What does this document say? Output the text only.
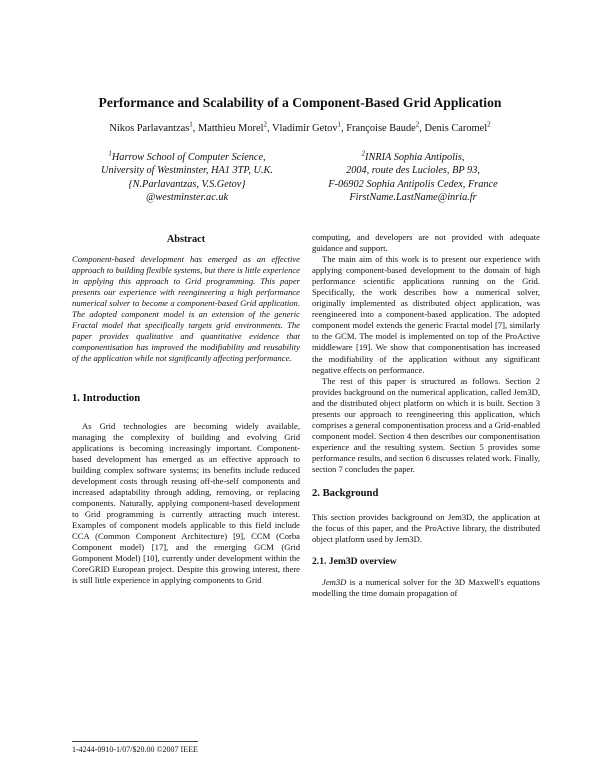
Performance and Scalability of a Component-Based Grid Application
Nikos Parlavantzas$^1$, Matthieu Morel$^2$, Vladimir Getov$^1$, Françoise Baude$^2$, Denis Caromel$^2$
$^1$Harrow School of Computer Science,
University of Westminster, HA1 3TP, U.K.
{N.Parlavantzas, V.S.Getov}
@westminster.ac.uk
$^2$INRIA Sophia Antipolis,
2004, route des Lucioles, BP 93,
F-06902 Sophia Antipolis Cedex, France
FirstName.LastName@inria.fr
Abstract

Component-based development has emerged as an effective approach to building flexible systems, but there is little experience in applying this approach to Grid programming. This paper presents our experience with reengineering a high performance numerical solver to become a component-based Grid application. The adopted component model is an extension of the generic Fractal model that specifically targets grid environments. The paper provides qualitative and quantitative evidence that componentisation has improved the modifiability and reusability of the application while not significantly affecting performance.

1. Introduction

As Grid technologies are becoming widely available, managing the complexity of building and evolving Grid applications is becoming increasingly important. Component-based development has emerged as an effective approach to building complex software systems; its benefits include reduced development costs through reusing off-the-self components and increased adaptability through adding, removing, or replacing components. Naturally, applying component-based development to Grid programming is currently attracting much interest. Examples of component models applicable to this field include CCA (Common Component Architecture) [9], CCM (Corba Component model) [17], and the emerging GCM (Grid Gomponent Model) [10], currently under development within the CoreGRID European project. Despite this growing interest, there is still little experience in applying components to Grid

computing, and developers are not provided with adequate guidance and support.

The main aim of this work is to present our experience with applying component-based development to the domain of high performance scientific applications running on the Grid. Specifically, the work describes how a numerical solver, originally implemented as distributed object application, was reengineered into a component-based application. The adopted component model extends the generic Fractal model [7], similarly to the GCM. The model is implemented on top of the ProActive middleware [19]. We show that componentisation has increased the modifiability of the application without any significant negative effects on performance.

The rest of this paper is structured as follows. Section 2 provides background on the numerical application, called Jem3D, and the distributed object platform on which it is built. Section 3 presents our approach to reengineering this application, which comprises a general componentisation process and a Grid-enabled component model. Section 4 then describes our componentisation experience and the resulting system. Section 5 provides some performance results, and section 6 discusses related work. Finally, section 7 concludes the paper.

2. Background

This section provides background on Jem3D, the application at the focus of this paper, and the ProActive library, the distributed object platform used by Jem3D.

2.1. Jem3D overview

Jem3D is a numerical solver for the 3D Maxwell's equations modelling the time domain propagation of

1-4244-0910-1/07/$20.00 ©2007 IEEE
